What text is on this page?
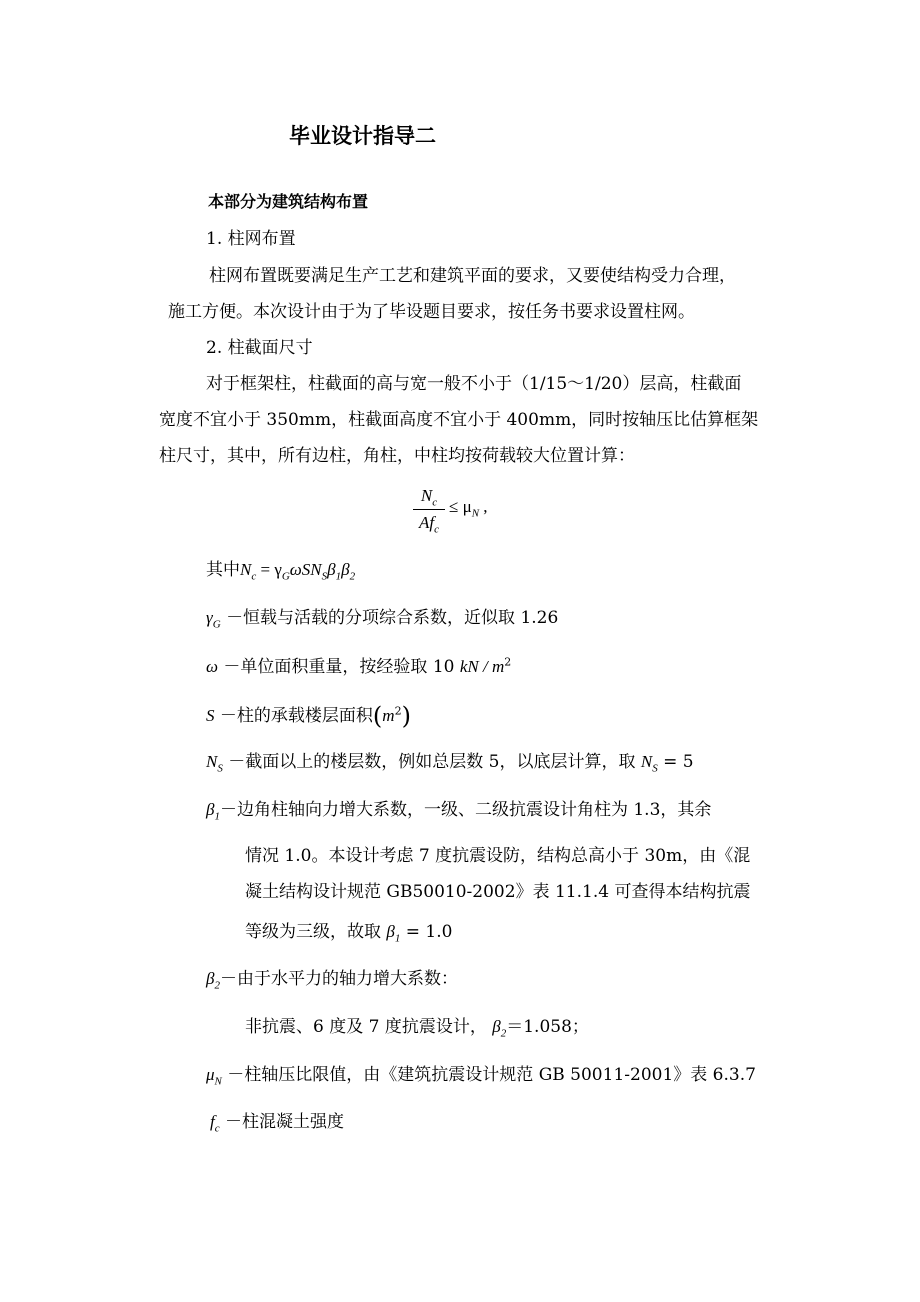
毕业设计指导二
本部分为建筑结构布置
1. 柱网布置
柱网布置既要满足生产工艺和建筑平面的要求，又要使结构受力合理，
施工方便。本次设计由于为了毕设题目要求，按任务书要求设置柱网。
2. 柱截面尺寸
对于框架柱，柱截面的高与宽一般不小于（1/15～1/20）层高，柱截面
宽度不宜小于 350mm，柱截面高度不宜小于 400mm，同时按轴压比估算框架
柱尺寸，其中，所有边柱，角柱，中柱均按荷载较大位置计算：
$N_c$
$Af_c$
≤ $\mu_N$ ,
其中$N_c = \gamma_G\omega SN_S\beta_1\beta_2$
$\gamma_G$ －恒载与活载的分项综合系数，近似取 1.26
ω －单位面积重量，按经验取 10 kN / $m^2$
S －柱的承载楼层面积$(m^2)$
$N_S$ －截面以上的楼层数，例如总层数 5，以底层计算，取 $N_S = 5$
$\beta_1-$边角柱轴向力增大系数，一级、二级抗震设计角柱为 1.3，其余
情况 1.0。本设计考虑 7 度抗震设防，结构总高小于 30m，由《混
凝土结构设计规范 GB50010-2002》表 11.1.4 可查得本结构抗震
等级为三级，故取 $\beta_1 = 1.0$
$\beta_2-$由于水平力的轴力增大系数：
非抗震、6 度及 7 度抗震设计， $\beta_2=1.058$；
$\mu_N$ －柱轴压比限值，由《建筑抗震设计规范 GB 50011-2001》表 6.3.7
$f_c$ －柱混凝土强度
